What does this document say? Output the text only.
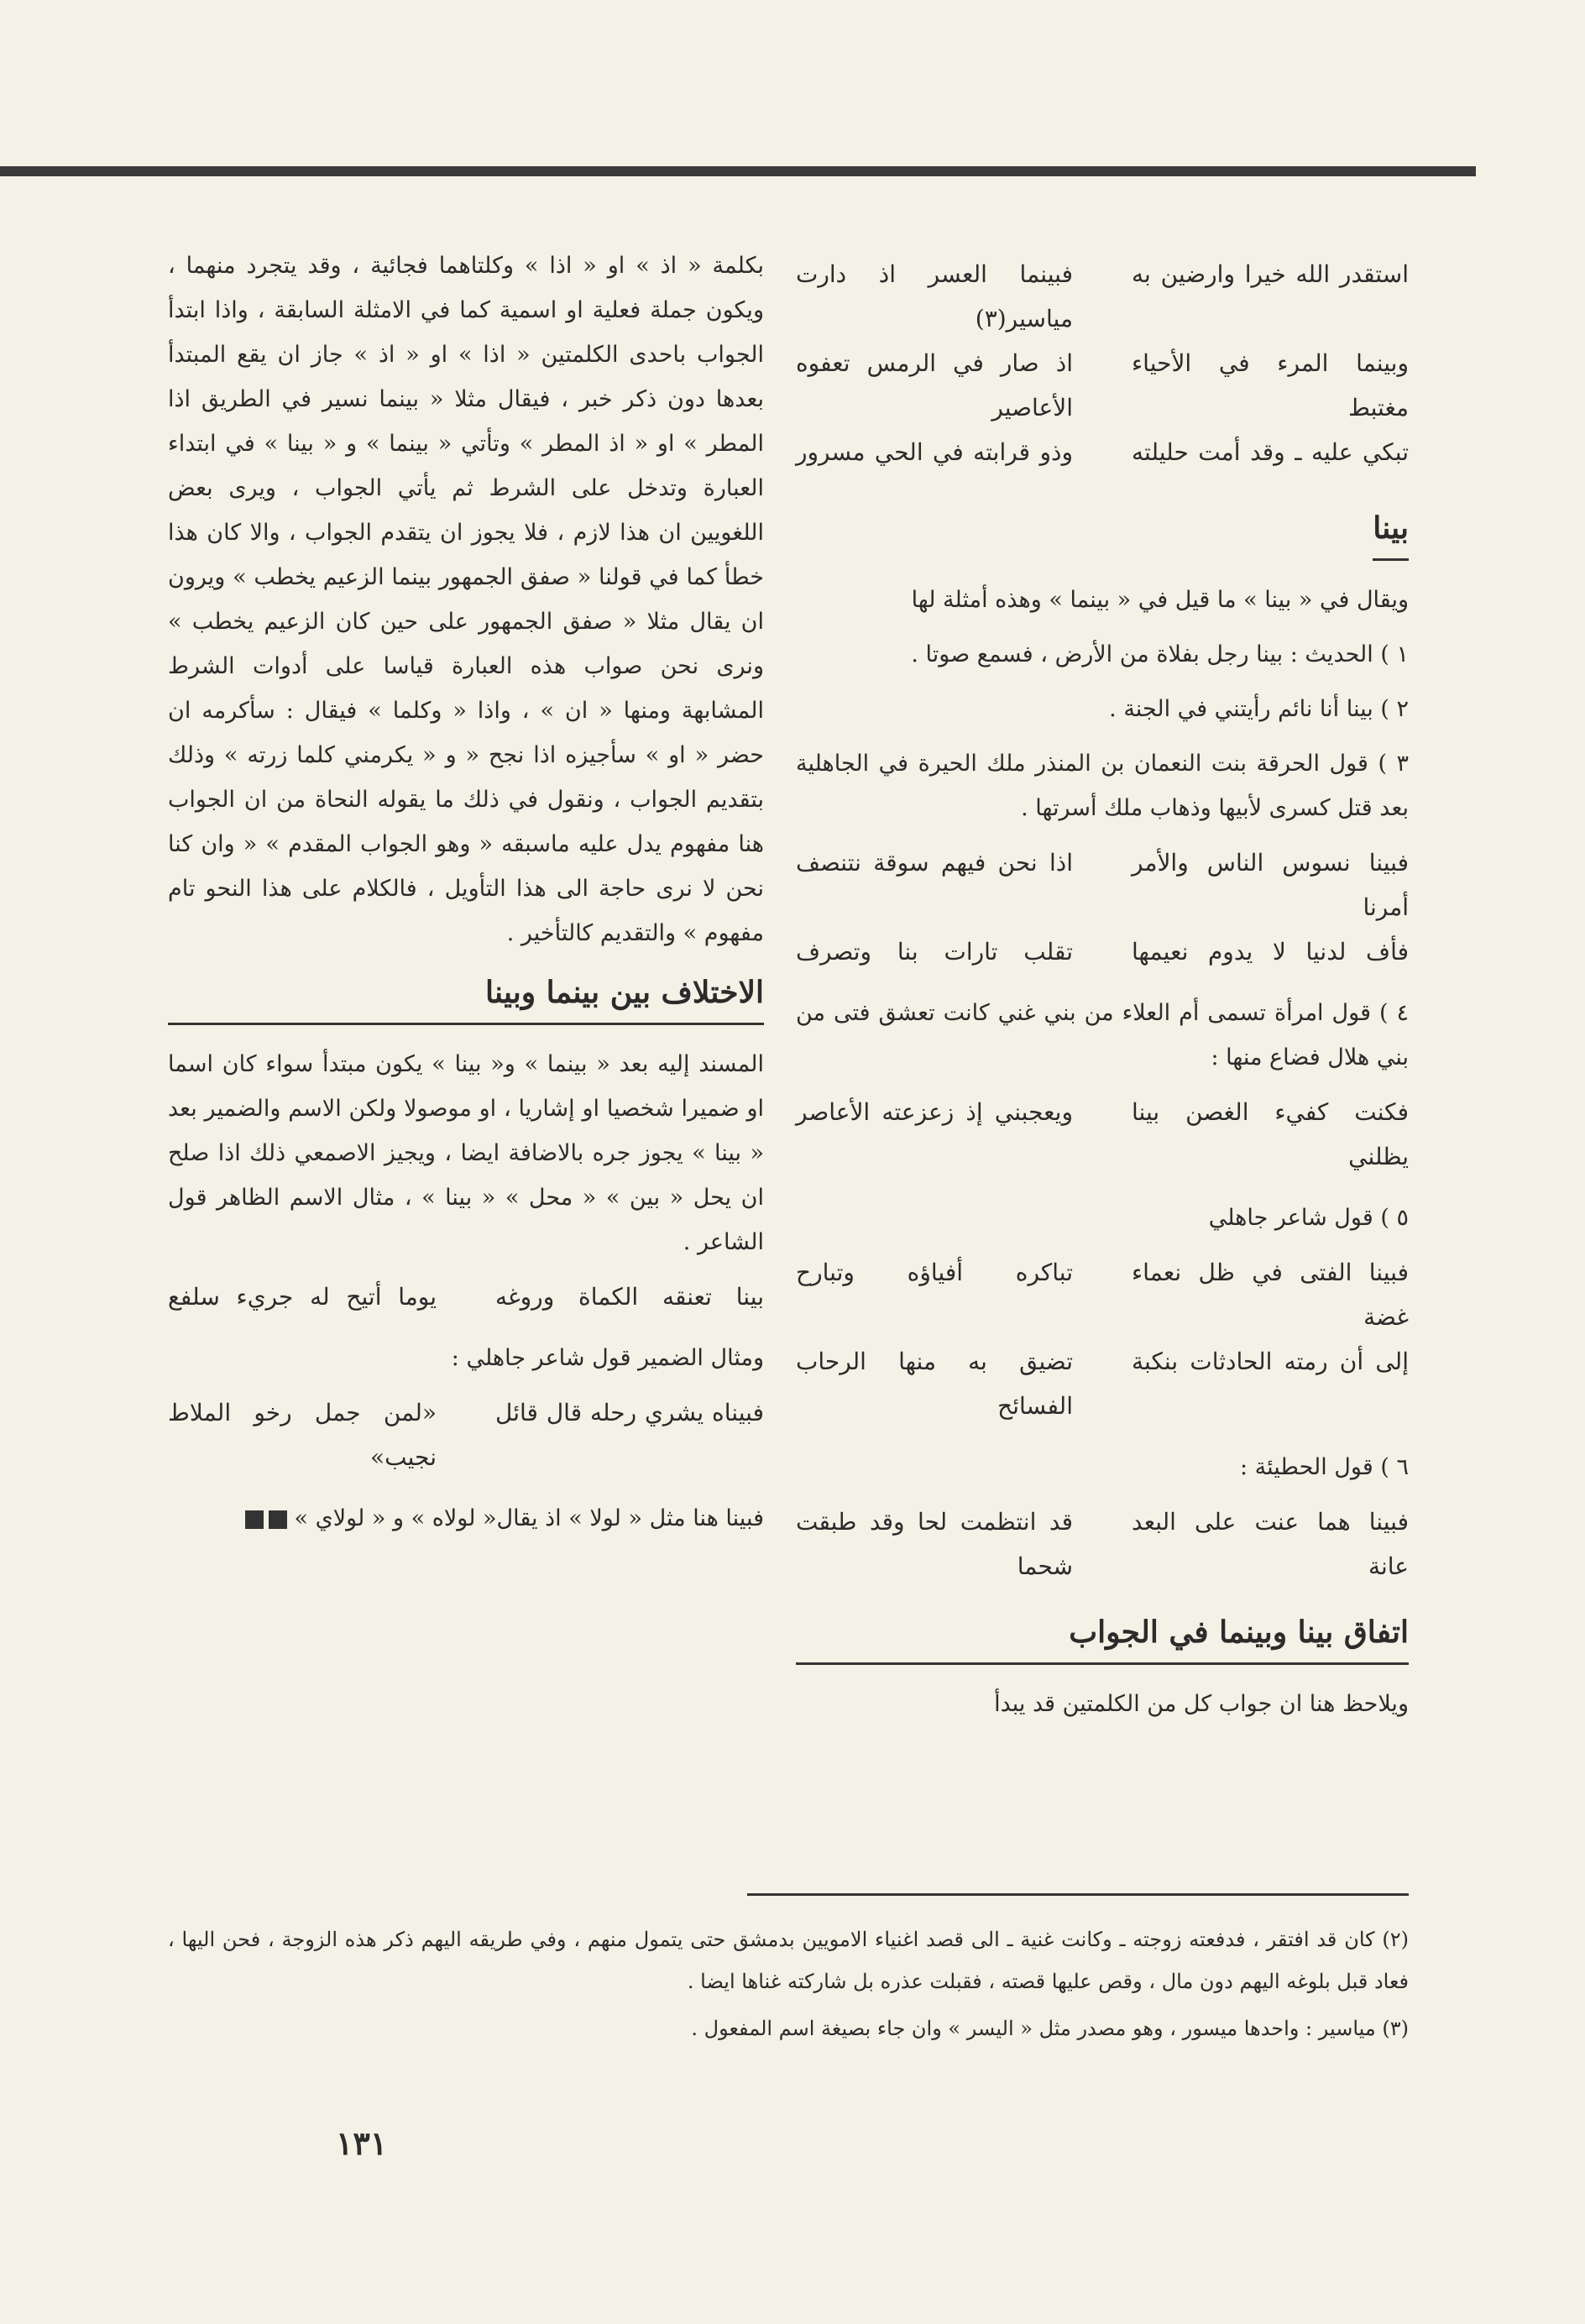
استقدر الله خيرا وارضين به
فبينما العسر اذ دارت مياسير(٣)
وبينما المرء في الأحياء مغتبط
اذ صار في الرمس تعفوه الأعاصير
تبكي عليه ـ وقد أمت حليلته
وذو قرابته في الحي مسرور
بينا

ويقال في « بينا » ما قيل في « بينما » وهذه أمثلة لها

١ ) الحديث : بينا رجل بفلاة من الأرض ، فسمع صوتا .

٢ ) بينا أنا نائم رأيتني في الجنة .

٣ ) قول الحرقة بنت النعمان بن المنذر ملك الحيرة في الجاهلية بعد قتل كسرى لأبيها وذهاب ملك أسرتها .

فبينا نسوس الناس والأمر أمرنا
اذا نحن فيهم سوقة نتنصف
فأف لدنيا لا يدوم نعيمها
تقلب تارات بنا وتصرف

٤ ) قول امرأة تسمى أم العلاء من بني غني كانت تعشق فتى من بني هلال فضاع منها :

فكنت كفيء الغصن بينا يظلني
ويعجبني إذ زعزعته الأعاصر

٥ ) قول شاعر جاهلي

فبينا الفتى في ظل نعماء غضة
تباكره أفياؤه وتبارح
إلى أن رمته الحادثات بنكبة
تضيق به منها الرحاب الفسائح

٦ ) قول الحطيئة :

فبينا هما عنت على البعد عانة
قد انتظمت لحا وقد طبقت شحما
اتفاق بينا وبينما في الجواب

ويلاحظ هنا ان جواب كل من الكلمتين قد يبدأ

بكلمة « اذ » او « اذا » وكلتاهما فجائية ، وقد يتجرد منهما ، ويكون جملة فعلية او اسمية كما في الامثلة السابقة ، واذا ابتدأ الجواب باحدى الكلمتين « اذا » او « اذ » جاز ان يقع المبتدأ بعدها دون ذكر خبر ، فيقال مثلا « بينما نسير في الطريق اذا المطر » او « اذ المطر » وتأتي « بينما » و « بينا » في ابتداء العبارة وتدخل على الشرط ثم يأتي الجواب ، ويرى بعض اللغويين ان هذا لازم ، فلا يجوز ان يتقدم الجواب ، والا كان هذا خطأ كما في قولنا « صفق الجمهور بينما الزعيم يخطب » ويرون ان يقال مثلا « صفق الجمهور على حين كان الزعيم يخطب » ونرى نحن صواب هذه العبارة قياسا على أدوات الشرط المشابهة ومنها « ان » ، واذا « وكلما » فيقال : سأكرمه ان حضر « او » سأجيزه اذا نجح « و « يكرمني كلما زرته » وذلك بتقديم الجواب ، ونقول في ذلك ما يقوله النحاة من ان الجواب هنا مفهوم يدل عليه ماسبقه « وهو الجواب المقدم » « وان كنا نحن لا نرى حاجة الى هذا التأويل ، فالكلام على هذا النحو تام مفهوم » والتقديم كالتأخير .

الاختلاف بين بينما وبينا

المسند إليه بعد « بينما » و« بينا » يكون مبتدأ سواء كان اسما او ضميرا شخصيا او إشاريا ، او موصولا ولكن الاسم والضمير بعد « بينا » يجوز جره بالاضافة ايضا ، ويجيز الاصمعي ذلك اذا صلح ان يحل « بين » « محل » « بينا » ، مثال الاسم الظاهر قول الشاعر .

بينا تعنقه الكماة وروغه
يوما أتيح له جريء سلفع

ومثال الضمير قول شاعر جاهلي :

فبيناه يشري رحله قال قائل
«لمن جمل رخو الملاط نجيب»

فبينا هنا مثل « لولا » اذ يقال« لولاه » و « لولاي »

(٢) كان قد افتقر ، فدفعته زوجته ـ وكانت غنية ـ الى قصد اغنياء الامويين بدمشق حتى يتمول منهم ، وفي طريقه اليهم ذكر هذه الزوجة ، فحن اليها ، فعاد قبل بلوغه اليهم دون مال ، وقص عليها قصته ، فقبلت عذره بل شاركته غناها ايضا .

(٣) مياسير : واحدها ميسور ، وهو مصدر مثل « اليسر » وان جاء بصيغة اسم المفعول .

١٣١
